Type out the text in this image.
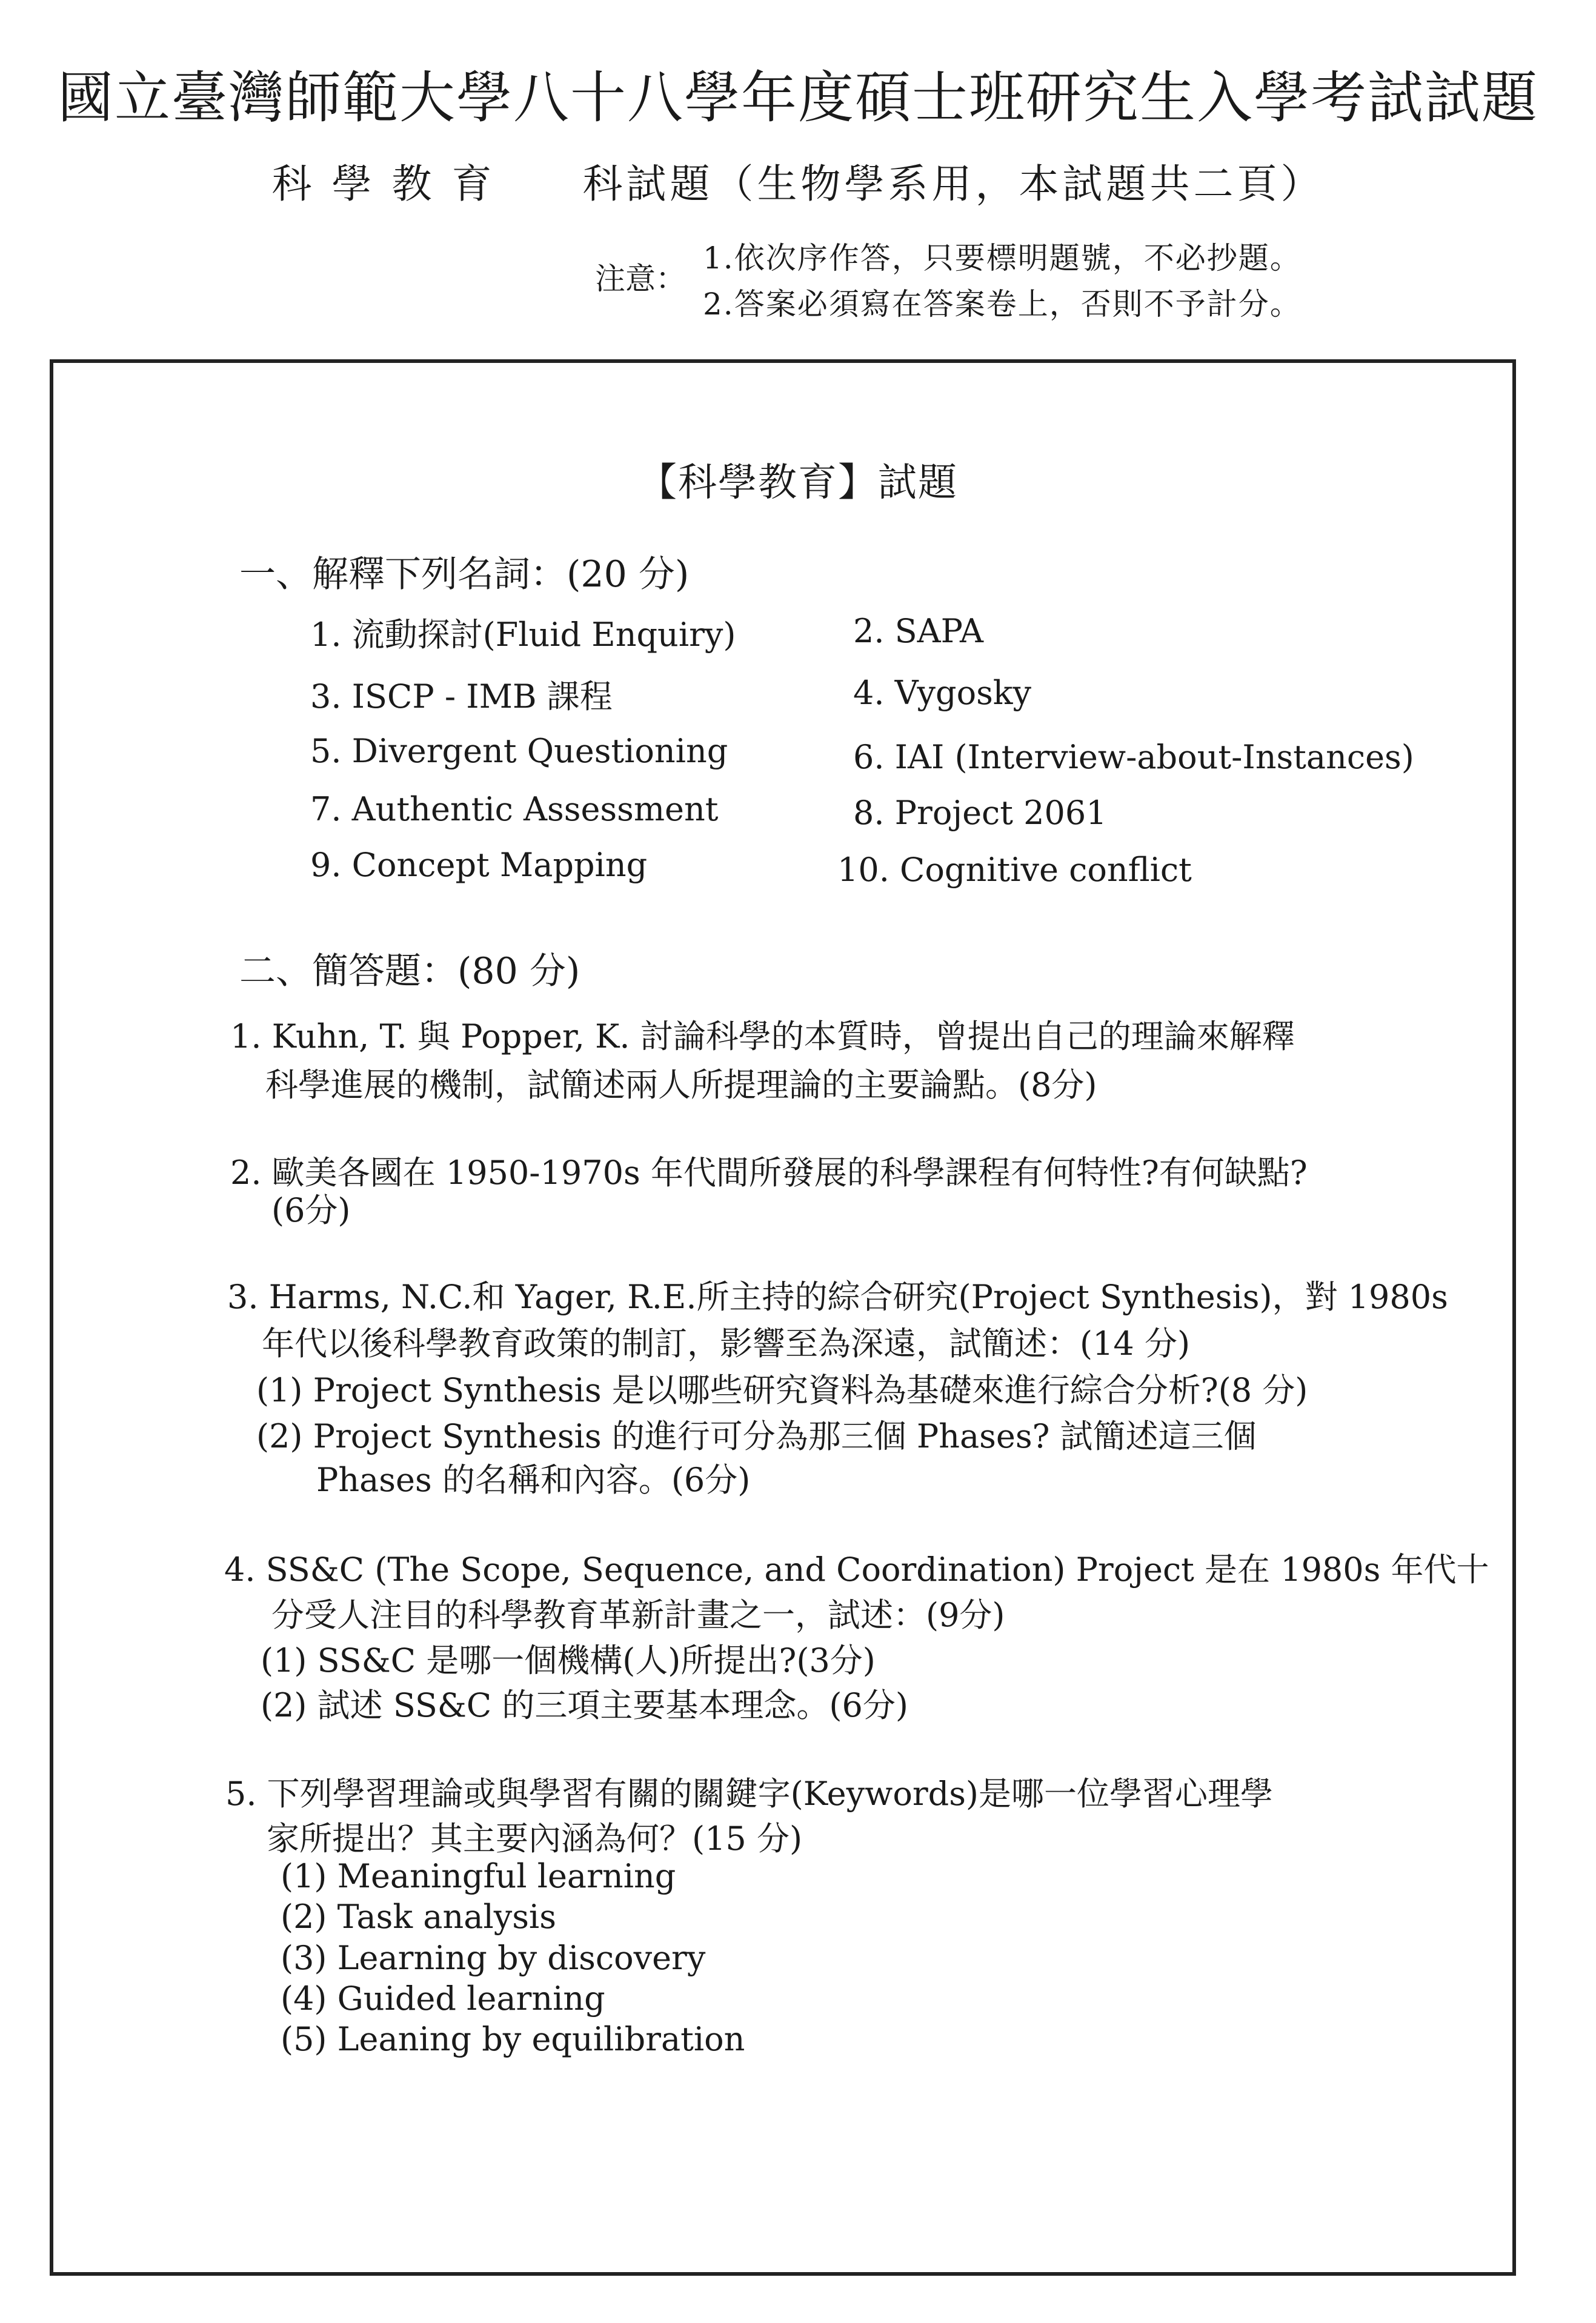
國立臺灣師範大學八十八學年度碩士班研究生入學考試試題
科 學 教 育　　科試題（生物學系用，本試題共二頁）
注意：
1.依次序作答，只要標明題號，不必抄題。
2.答案必須寫在答案卷上，否則不予計分。
【科學教育】試題
一、解釋下列名詞：(20 分)
1. 流動探討(Fluid Enquiry)	2. SAPA
3. ISCP - IMB 課程	4. Vygosky
5. Divergent Questioning	6. IAI (Interview-about-Instances)
7. Authentic Assessment	8. Project 2061
9. Concept Mapping	10. Cognitive conflict
二、簡答題：(80 分)
1. Kuhn, T. 與 Popper, K. 討論科學的本質時，曾提出自己的理論來解釋
科學進展的機制，試簡述兩人所提理論的主要論點。(8分)
2. 歐美各國在 1950-1970s 年代間所發展的科學課程有何特性?有何缺點?
(6分)
3. Harms, N.C.和 Yager, R.E.所主持的綜合研究(Project Synthesis)，對 1980s
年代以後科學教育政策的制訂，影響至為深遠，試簡述：(14 分)
(1) Project Synthesis 是以哪些研究資料為基礎來進行綜合分析?(8 分)
(2) Project Synthesis 的進行可分為那三個 Phases? 試簡述這三個
Phases 的名稱和內容。(6分)
4. SS&C (The Scope, Sequence, and Coordination) Project 是在 1980s 年代十
分受人注目的科學教育革新計畫之一，試述：(9分)
(1) SS&C 是哪一個機構(人)所提出?(3分)
(2) 試述 SS&C 的三項主要基本理念。(6分)
5. 下列學習理論或與學習有關的關鍵字(Keywords)是哪一位學習心理學
家所提出？其主要內涵為何？(15 分)
(1) Meaningful learning
(2) Task analysis
(3) Learning by discovery
(4) Guided learning
(5) Leaning by equilibration
